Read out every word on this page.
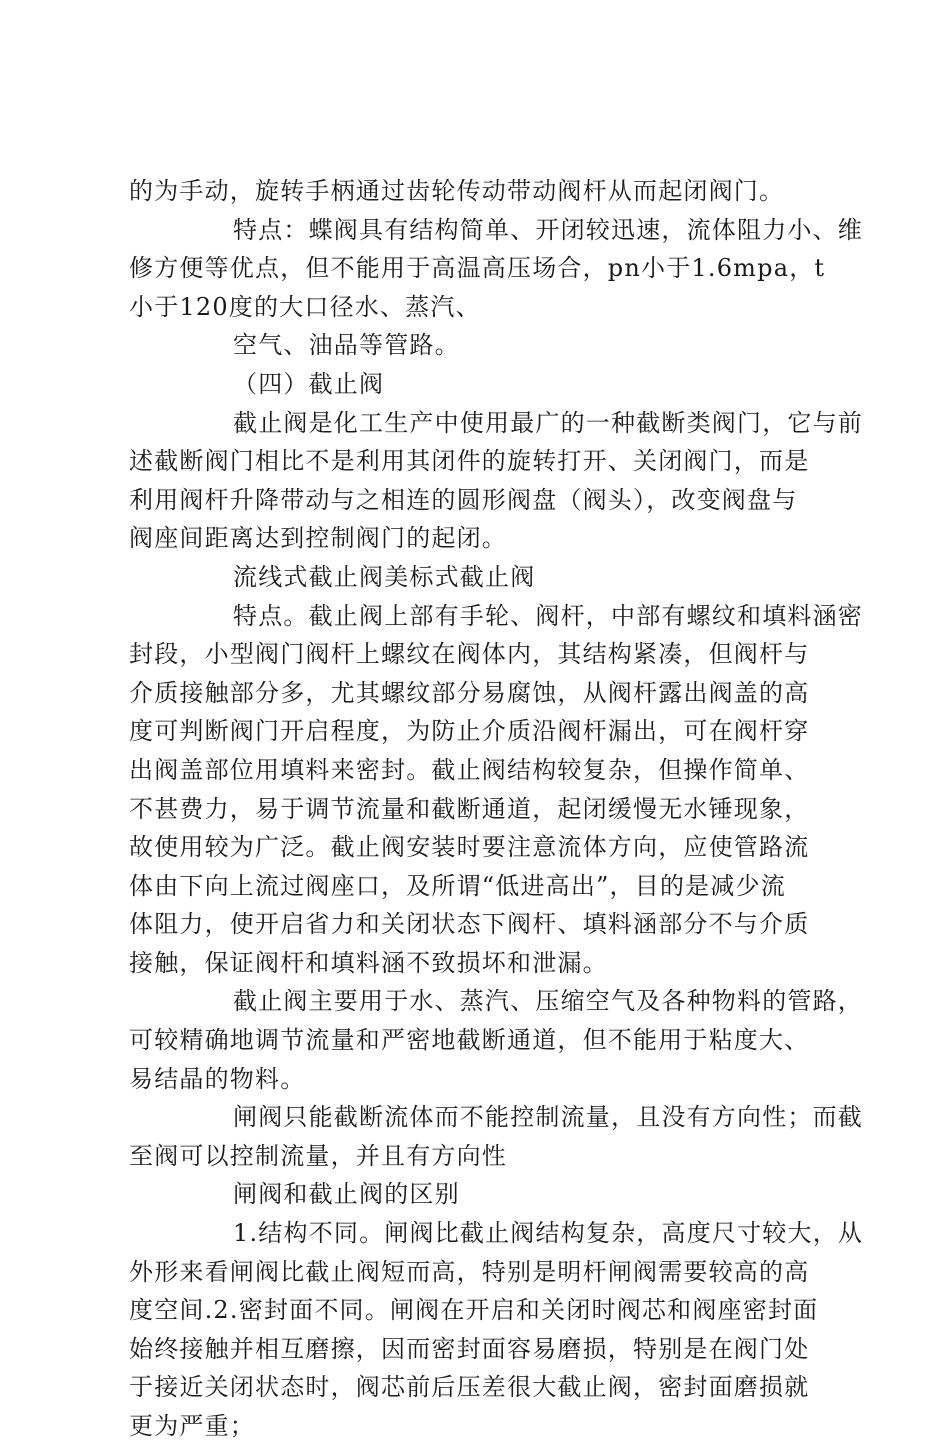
的为手动，旋转手柄通过齿轮传动带动阀杆从而起闭阀门。

特点：蝶阀具有结构简单、开闭较迅速，流体阻力小、维
修方便等优点，但不能用于高温高压场合，pn小于1.6mpa，t
小于120度的大口径水、蒸汽、

空气、油品等管路。

（四）截止阀

截止阀是化工生产中使用最广的一种截断类阀门，它与前
述截断阀门相比不是利用其闭件的旋转打开、关闭阀门，而是
利用阀杆升降带动与之相连的圆形阀盘（阀头），改变阀盘与
阀座间距离达到控制阀门的起闭。

流线式截止阀美标式截止阀

特点。截止阀上部有手轮、阀杆，中部有螺纹和填料涵密
封段，小型阀门阀杆上螺纹在阀体内，其结构紧凑，但阀杆与
介质接触部分多，尤其螺纹部分易腐蚀，从阀杆露出阀盖的高
度可判断阀门开启程度，为防止介质沿阀杆漏出，可在阀杆穿
出阀盖部位用填料来密封。截止阀结构较复杂，但操作简单、
不甚费力，易于调节流量和截断通道，起闭缓慢无水锤现象，
故使用较为广泛。截止阀安装时要注意流体方向，应使管路流
体由下向上流过阀座口，及所谓“低进高出”，目的是减少流
体阻力，使开启省力和关闭状态下阀杆、填料涵部分不与介质
接触，保证阀杆和填料涵不致损坏和泄漏。

截止阀主要用于水、蒸汽、压缩空气及各种物料的管路，
可较精确地调节流量和严密地截断通道，但不能用于粘度大、
易结晶的物料。

闸阀只能截断流体而不能控制流量，且没有方向性；而截
至阀可以控制流量，并且有方向性

闸阀和截止阀的区别

1.结构不同。闸阀比截止阀结构复杂，高度尺寸较大，从
外形来看闸阀比截止阀短而高，特别是明杆闸阀需要较高的高
度空间.2.密封面不同。闸阀在开启和关闭时阀芯和阀座密封面
始终接触并相互磨擦，因而密封面容易磨损，特别是在阀门处
于接近关闭状态时，阀芯前后压差很大截止阀，密封面磨损就
更为严重；
